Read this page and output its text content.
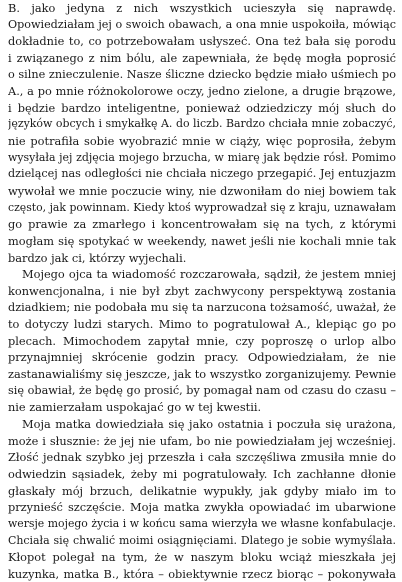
B. jako jedyna z nich wszystkich ucieszyła się naprawdę.
Opowiedziałam jej o swoich obawach, a ona mnie uspokoiła, mówiąc
dokładnie to, co potrzebowałam usłyszeć. Ona też bała się porodu
i związanego z nim bólu, ale zapewniała, że będę mogła poprosić
o silne znieczulenie. Nasze śliczne dziecko będzie miało uśmiech po
A., a po mnie różnokolorowe oczy, jedno zielone, a drugie brązowe,
i będzie bardzo inteligentne, ponieważ odziedziczy mój słuch do
języków obcych i smykałkę A. do liczb. Bardzo chciała mnie zobaczyć,
nie potrafiła sobie wyobrazić mnie w ciąży, więc poprosiła, żebym
wysyłała jej zdjęcia mojego brzucha, w miarę jak będzie rósł. Pomimo
dzielącej nas odległości nie chciała niczego przegapić. Jej entuzjazm
wywołał we mnie poczucie winy, nie dzwoniłam do niej bowiem tak
często, jak powinnam. Kiedy ktoś wyprowadzał się z kraju, uznawałam
go prawie za zmarłego i koncentrowałam się na tych, z którymi
mogłam się spotykać w weekendy, nawet jeśli nie kochali mnie tak
bardzo jak ci, którzy wyjechali.
Mojego ojca ta wiadomość rozczarowała, sądził, że jestem mniej
konwencjonalna, i nie był zbyt zachwycony perspektywą zostania
dziadkiem; nie podobała mu się ta narzucona tożsamość, uważał, że
to dotyczy ludzi starych. Mimo to pogratulował A., klepiąc go po
plecach. Mimochodem zapytał mnie, czy poproszę o urlop albo
przynajmniej skrócenie godzin pracy. Odpowiedziałam, że nie
zastanawialiśmy się jeszcze, jak to wszystko zorganizujemy. Pewnie
się obawiał, że będę go prosić, by pomagał nam od czasu do czasu –
nie zamierzałam uspokajać go w tej kwestii.
Moja matka dowiedziała się jako ostatnia i poczuła się urażona,
może i słusznie: że jej nie ufam, bo nie powiedziałam jej wcześniej.
Złość jednak szybko jej przeszła i cała szczęśliwa zmusiła mnie do
odwiedzin sąsiadek, żeby mi pogratulowały. Ich zachłanne dłonie
głaskały mój brzuch, delikatnie wypukły, jak gdyby miało im to
przynieść szczęście. Moja matka zwykła opowiadać im ubarwione
wersje mojego życia i w końcu sama wierzyła we własne konfabulacje.
Chciała się chwalić moimi osiągnięciami. Dlatego je sobie wymyślała.
Kłopot polegał na tym, że w naszym bloku wciąż mieszkała jej
kuzynka, matka B., która – obiektywnie rzecz biorąc – pokonywała
